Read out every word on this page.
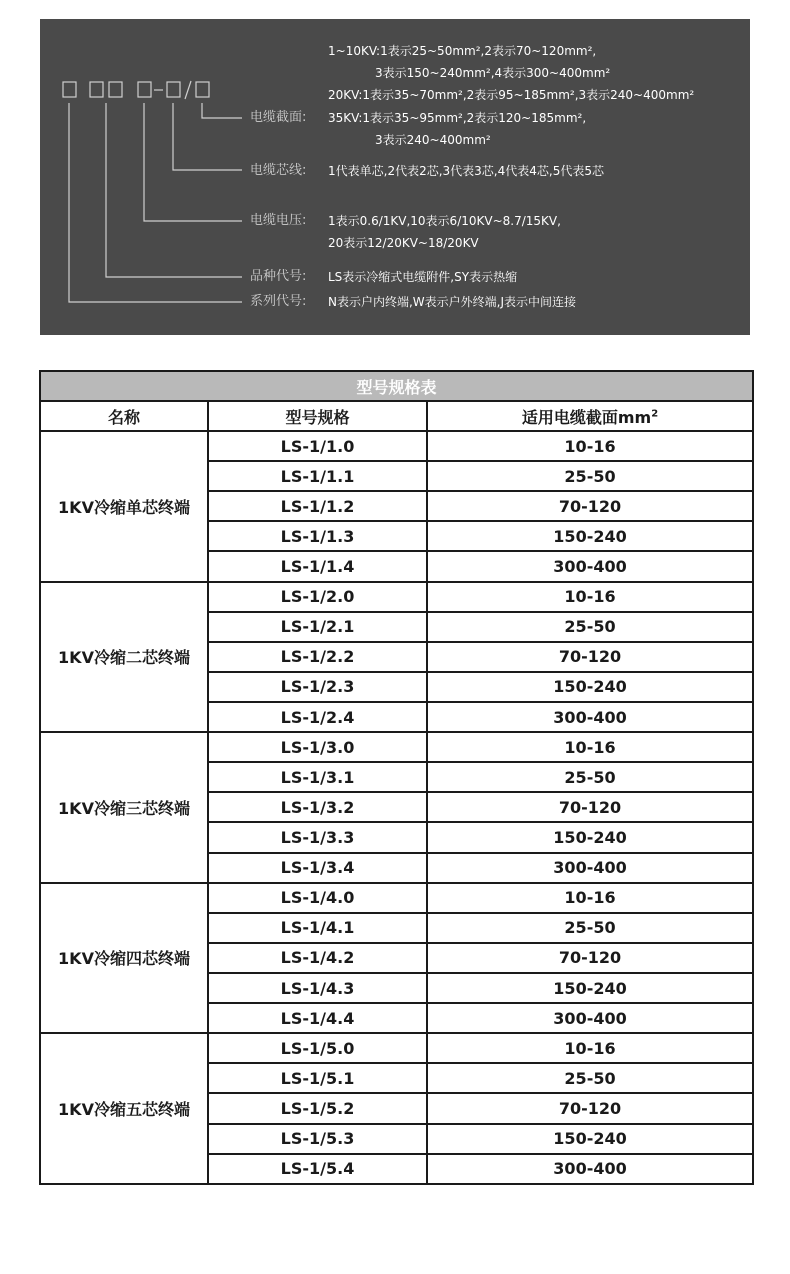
1~10KV:1表示25~50mm²,2表示70~120mm²,
3表示150~240mm²,4表示300~400mm²
20KV:1表示35~70mm²,2表示95~185mm²,3表示240~400mm²
电缆截面: 35KV:1表示35~95mm²,2表示120~185mm²,
3表示240~400mm²
电缆芯线: 1代表单芯,2代表2芯,3代表3芯,4代表4芯,5代表5芯
电缆电压: 1表示0.6/1KV,10表示6/10KV~8.7/15KV,
20表示12/20KV~18/20KV
品种代号: LS表示冷缩式电缆附件,SY表示热缩
系列代号: N表示户内终端,W表示户外终端,J表示中间连接
型号规格表		
名称	型号规格	适用电缆截面$mm^2$
1KV冷缩单芯终端	LS-1/1.0	10-16
	LS-1/1.1	25-50
	LS-1/1.2	70-120
	LS-1/1.3	150-240
	LS-1/1.4	300-400
1KV冷缩二芯终端	LS-1/2.0	10-16
	LS-1/2.1	25-50
	LS-1/2.2	70-120
	LS-1/2.3	150-240
	LS-1/2.4	300-400
1KV冷缩三芯终端	LS-1/3.0	10-16
	LS-1/3.1	25-50
	LS-1/3.2	70-120
	LS-1/3.3	150-240
	LS-1/3.4	300-400
1KV冷缩四芯终端	LS-1/4.0	10-16
	LS-1/4.1	25-50
	LS-1/4.2	70-120
	LS-1/4.3	150-240
	LS-1/4.4	300-400
1KV冷缩五芯终端	LS-1/5.0	10-16
	LS-1/5.1	25-50
	LS-1/5.2	70-120
	LS-1/5.3	150-240
	LS-1/5.4	300-400
